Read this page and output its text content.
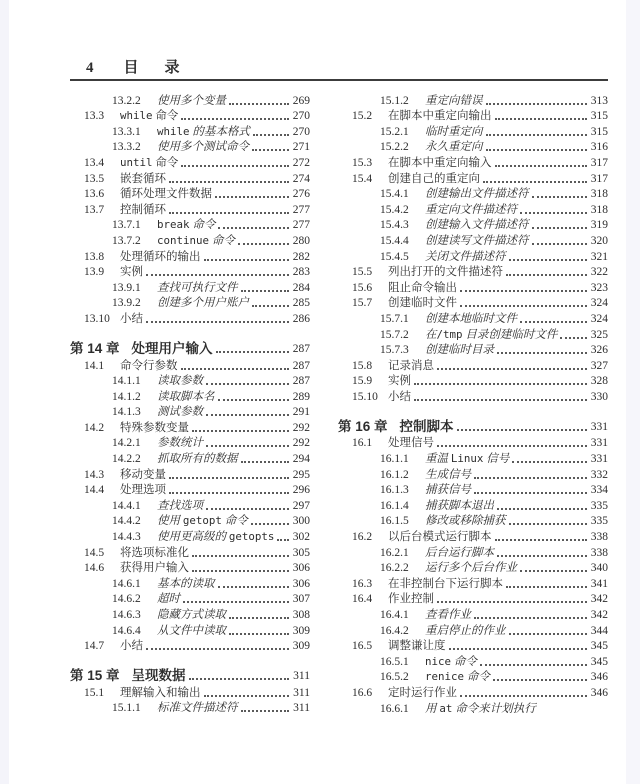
4 目录
13.2.2	使用多个变量	269
13.3	while 命令	270
13.3.1	while 的基本格式	270
13.3.2	使用多个测试命令	271
13.4	until 命令	272
13.5	嵌套循环	274
13.6	循环处理文件数据	276
13.7	控制循环	277
13.7.1	break 命令	277
13.7.2	continue 命令	280
13.8	处理循环的输出	282
13.9	实例	283
13.9.1	查找可执行文件	284
13.9.2	创建多个用户账户	285
13.10 小结	286
第 14 章 处理用户输入	287
14.1	命令行参数	287
14.1.1	读取参数	287
14.1.2	读取脚本名	289
14.1.3	测试参数	291
14.2	特殊参数变量	292
14.2.1	参数统计	292
14.2.2	抓取所有的数据	294
14.3	移动变量	295
14.4	处理选项	296
14.4.1	查找选项	297
14.4.2	使用 getopt 命令	300
14.4.3	使用更高级的 getopts 302
14.5	将选项标准化	305
14.6	获得用户输入	306
14.6.1	基本的读取	306
14.6.2	超时	307
14.6.3	隐藏方式读取	308
14.6.4	从文件中读取	309
14.7	小结	309
第 15 章 呈现数据	311
15.1	理解输入和输出	311
15.1.1	标准文件描述符	311
15.1.2	重定向错误	313
15.2	在脚本中重定向输出	315
15.2.1	临时重定向	315
15.2.2	永久重定向	316
15.3	在脚本中重定向输入	317
15.4	创建自己的重定向	317
15.4.1	创建输出文件描述符	318
15.4.2	重定向文件描述符	318
15.4.3	创建输入文件描述符	319
15.4.4	创建读写文件描述符	320
15.4.5	关闭文件描述符	321
15.5	列出打开的文件描述符	322
15.6	阻止命令输出	323
15.7	创建临时文件	324
15.7.1	创建本地临时文件	324
15.7.2	在/tmp 目录创建临时文件	325
15.7.3	创建临时目录	326
15.8	记录消息	327
15.9	实例	328
15.10 小结	330
第 16 章 控制脚本	331
16.1	处理信号	331
16.1.1	重温 Linux 信号	331
16.1.2	生成信号	332
16.1.3	捕获信号	334
16.1.4	捕获脚本退出	335
16.1.5	修改或移除捕获	335
16.2	以后台模式运行脚本	338
16.2.1	后台运行脚本	338
16.2.2	运行多个后台作业	340
16.3	在非控制台下运行脚本	341
16.4	作业控制	342
16.4.1	查看作业	342
16.4.2	重启停止的作业	344
16.5	调整谦让度	345
16.5.1	nice 命令	345
16.5.2	renice 命令	346
16.6	定时运行作业	346
16.6.1	用 at 命令来计划执行
